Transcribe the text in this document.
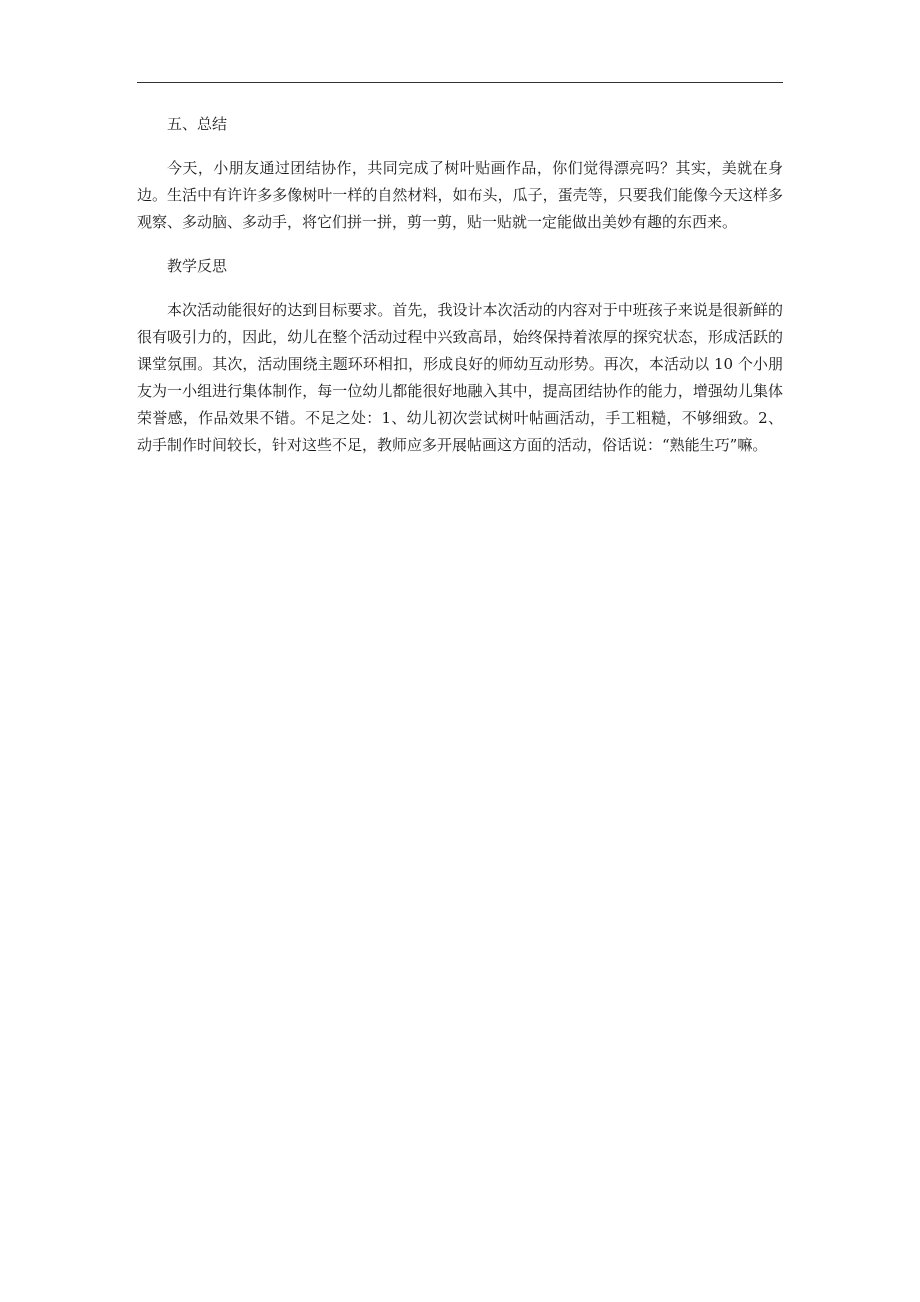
五、总结

今天，小朋友通过团结协作，共同完成了树叶贴画作品，你们觉得漂亮吗？其实，美就在身边。生活中有许许多多像树叶一样的自然材料，如布头，瓜子，蛋壳等，只要我们能像今天这样多观察、多动脑、多动手，将它们拼一拼，剪一剪，贴一贴就一定能做出美妙有趣的东西来。

教学反思

本次活动能很好的达到目标要求。首先，我设计本次活动的内容对于中班孩子来说是很新鲜的很有吸引力的，因此，幼儿在整个活动过程中兴致高昂，始终保持着浓厚的探究状态，形成活跃的课堂氛围。其次，活动围绕主题环环相扣，形成良好的师幼互动形势。再次，本活动以 10 个小朋友为一小组进行集体制作，每一位幼儿都能很好地融入其中，提高团结协作的能力，增强幼儿集体荣誉感，作品效果不错。不足之处：1、幼儿初次尝试树叶帖画活动，手工粗糙，不够细致。2、动手制作时间较长，针对这些不足，教师应多开展帖画这方面的活动，俗话说：“熟能生巧”嘛。
